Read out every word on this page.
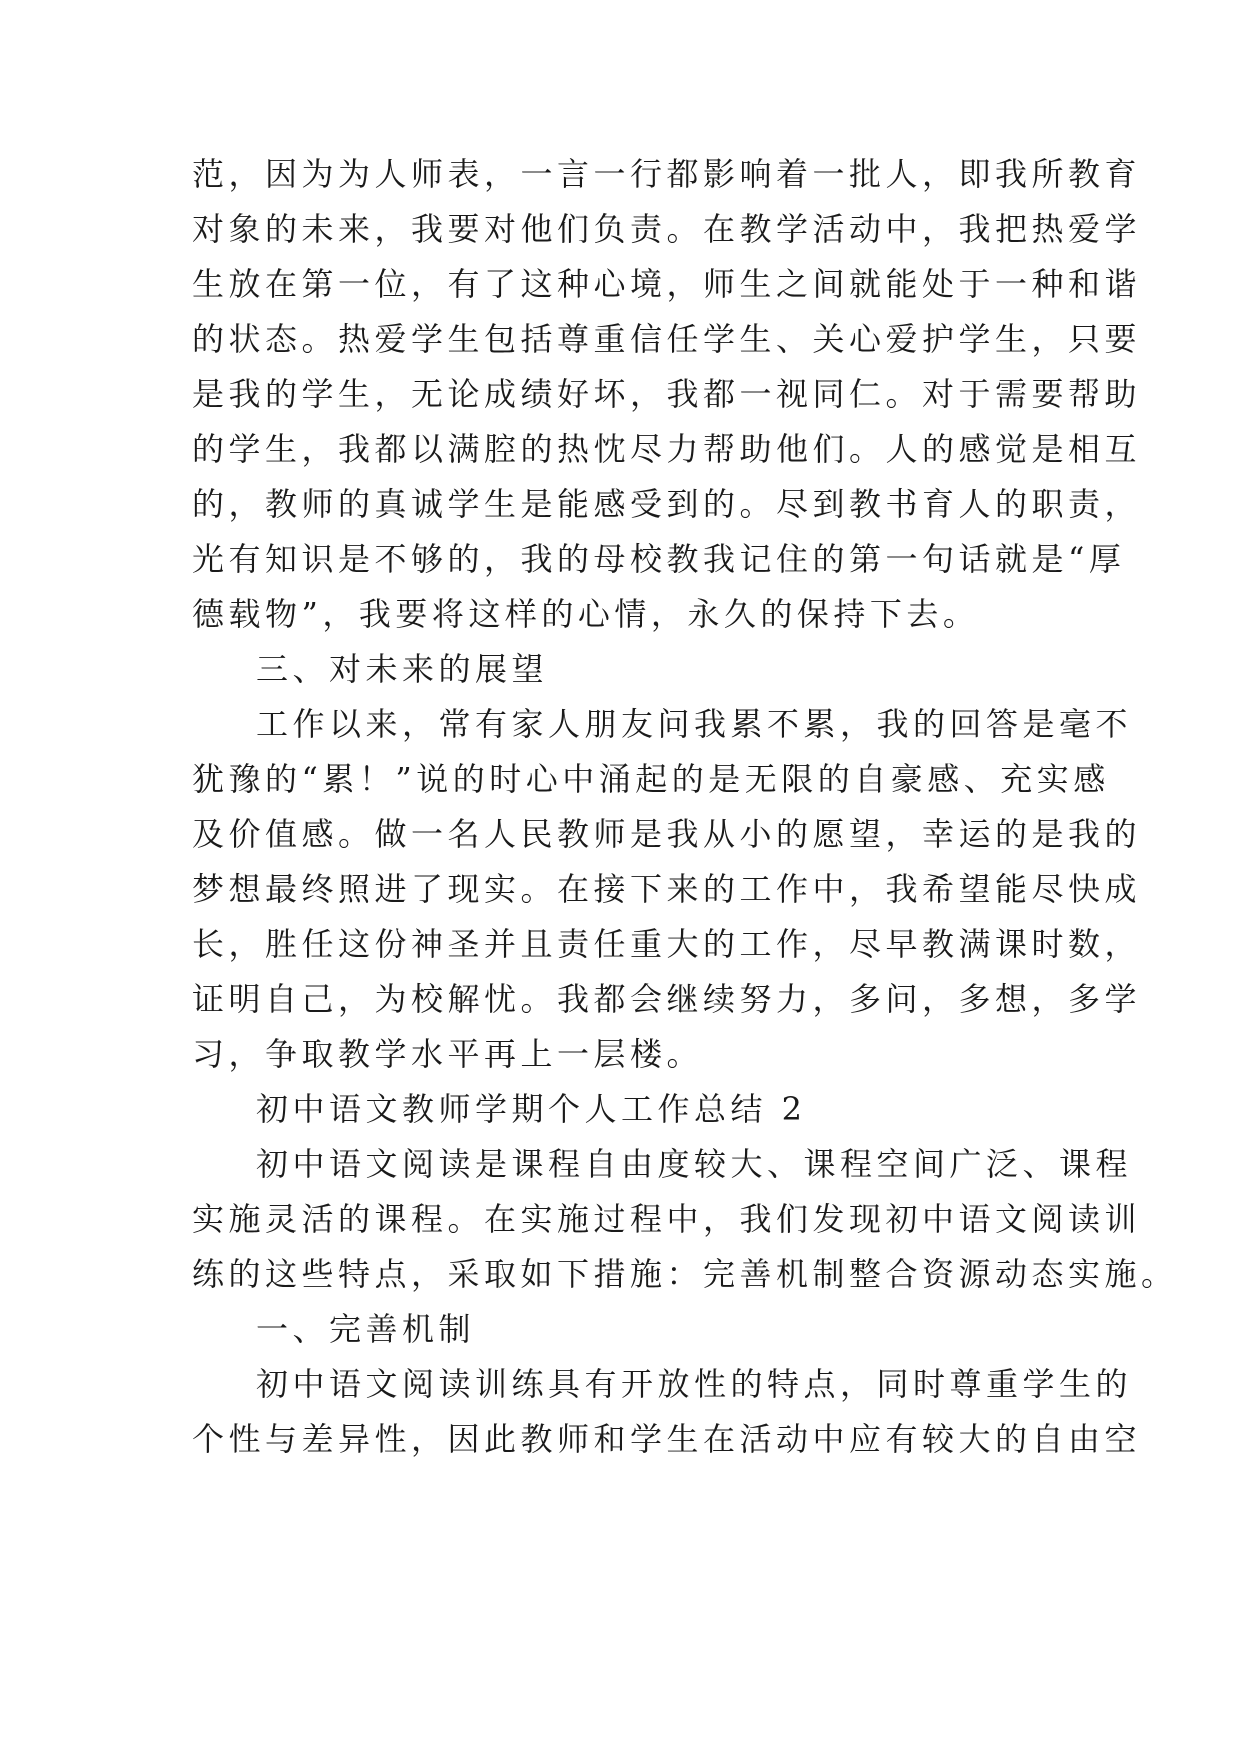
范，因为为人师表，一言一行都影响着一批人，即我所教育
对象的未来，我要对他们负责。在教学活动中，我把热爱学
生放在第一位，有了这种心境，师生之间就能处于一种和谐
的状态。热爱学生包括尊重信任学生、关心爱护学生，只要
是我的学生，无论成绩好坏，我都一视同仁。对于需要帮助
的学生，我都以满腔的热忱尽力帮助他们。人的感觉是相互
的，教师的真诚学生是能感受到的。尽到教书育人的职责，
光有知识是不够的，我的母校教我记住的第一句话就是“厚
德载物”，我要将这样的心情，永久的保持下去。
三、对未来的展望
工作以来，常有家人朋友问我累不累，我的回答是毫不
犹豫的“累！”说的时心中涌起的是无限的自豪感、充实感
及价值感。做一名人民教师是我从小的愿望，幸运的是我的
梦想最终照进了现实。在接下来的工作中，我希望能尽快成
长，胜任这份神圣并且责任重大的工作，尽早教满课时数，
证明自己，为校解忧。我都会继续努力，多问，多想，多学
习，争取教学水平再上一层楼。
初中语文教师学期个人工作总结 2
初中语文阅读是课程自由度较大、课程空间广泛、课程
实施灵活的课程。在实施过程中，我们发现初中语文阅读训
练的这些特点，采取如下措施：完善机制整合资源动态实施。
一、完善机制
初中语文阅读训练具有开放性的特点，同时尊重学生的
个性与差异性，因此教师和学生在活动中应有较大的自由空
